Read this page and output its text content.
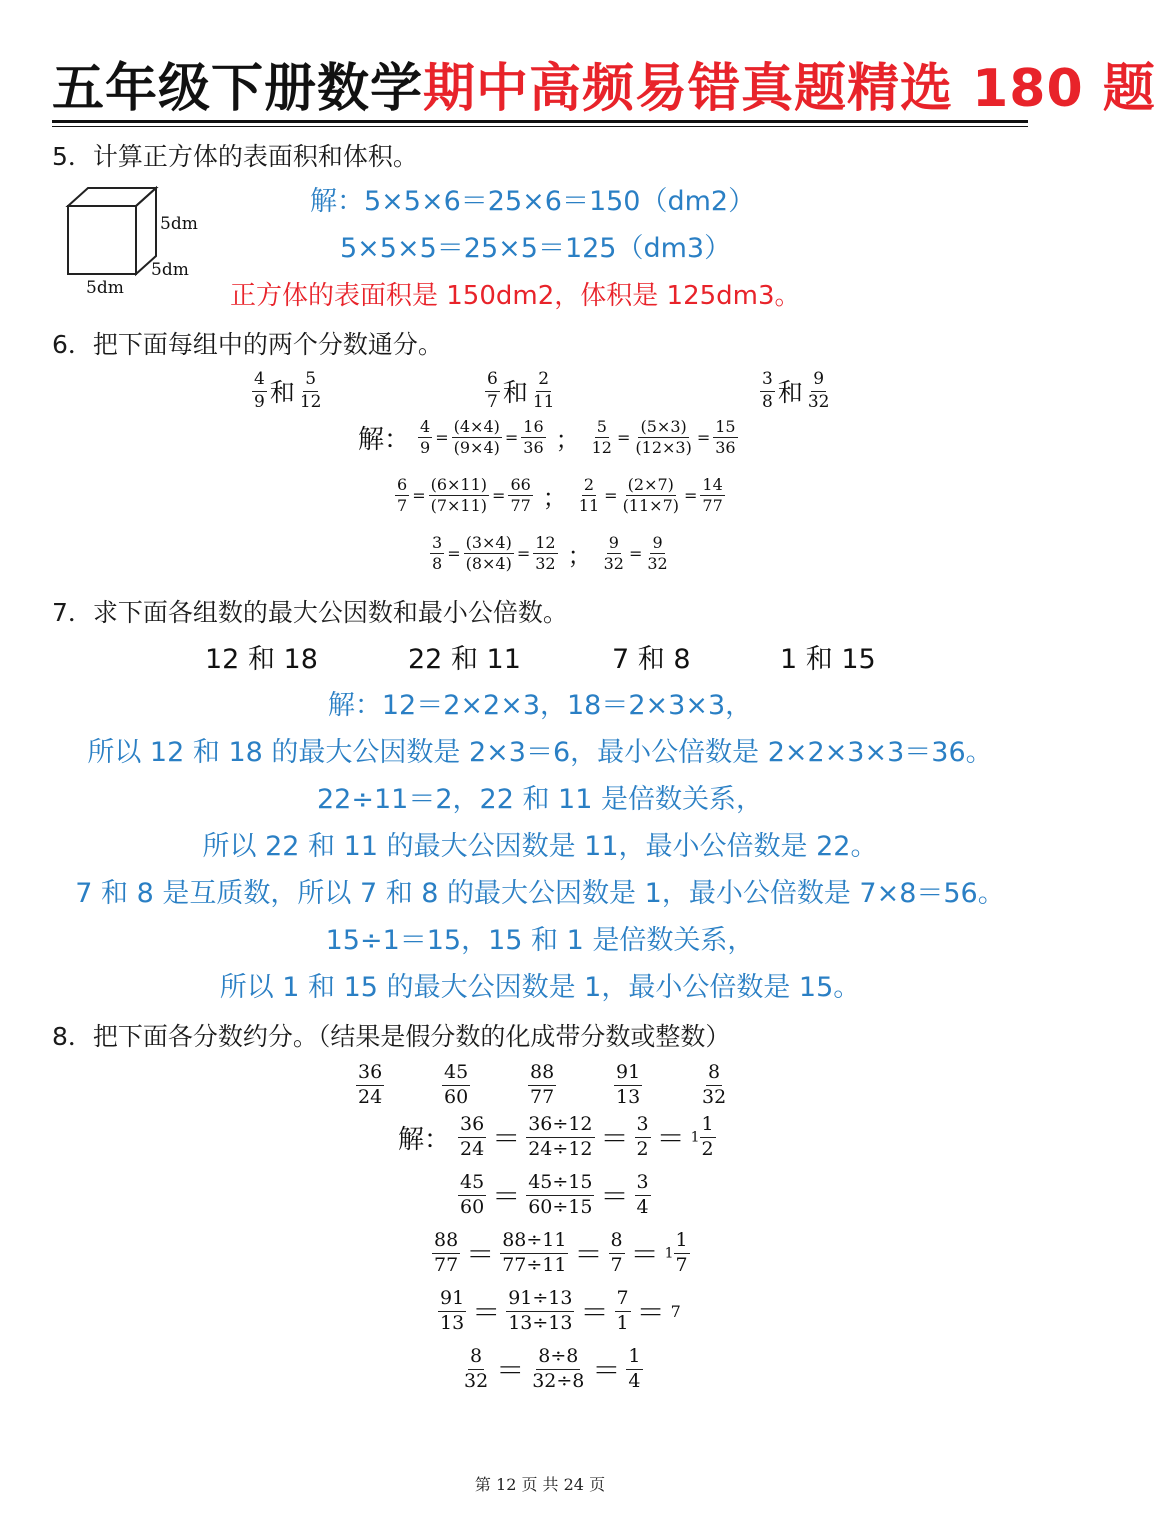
五年级下册数学期中高频易错真题精选 180 题
5．计算正方体的表面积和体积。
5dm
5dm
5dm
解：5×5×6＝25×6＝150（dm2）
5×5×5＝25×5＝125（dm3）
正方体的表面积是 150dm2，体积是 125dm3。
6．把下面每组中的两个分数通分。
$\frac{4}{9}$ 和 $\frac{5}{12}$	$\frac{6}{7}$ 和 $\frac{2}{11}$	$\frac{3}{8}$ 和 $\frac{9}{32}$
解： $\frac{4}{9} = \frac{(4\times 4)}{(9\times 4)} = \frac{16}{36}$ ； $\frac{5}{12} = \frac{(5\times 3)}{(12\times 3)} = \frac{15}{36}$
$\frac{6}{7} = \frac{(6\times 11)}{(7\times 11)} = \frac{66}{77}$ ； $\frac{2}{11} = \frac{(2\times 7)}{(11\times 7)} = \frac{14}{77}$
$\frac{3}{8} = \frac{(3\times 4)}{(8\times 4)} = \frac{12}{32}$ ； $\frac{9}{32} = \frac{9}{32}$
7．求下面各组数的最大公因数和最小公倍数。
12 和 18	22 和 11	7 和 8	1 和 15
解：12＝2×2×3，18＝2×3×3，
所以 12 和 18 的最大公因数是 2×3＝6，最小公倍数是 2×2×3×3＝36。
22÷11＝2，22 和 11 是倍数关系，
所以 22 和 11 的最大公因数是 11，最小公倍数是 22。
7 和 8 是互质数，所以 7 和 8 的最大公因数是 1，最小公倍数是 7×8＝56。
15÷1＝15，15 和 1 是倍数关系，
所以 1 和 15 的最大公因数是 1，最小公倍数是 15。
8．把下面各分数约分。（结果是假分数的化成带分数或整数）
$\frac{36}{24}$	$\frac{45}{60}$	$\frac{88}{77}$	$\frac{91}{13}$	$\frac{8}{32}$
解： $\frac{36}{24} = \frac{36\div 12}{24\div 12} = \frac{3}{2} = 1 \frac{1}{2}$
$\frac{45}{60} = \frac{45\div 15}{60\div 15} = \frac{3}{4}$
$\frac{88}{77} = \frac{88\div 11}{77\div 11} = \frac{8}{7} = 1 \frac{1}{7}$
$\frac{91}{13} = \frac{91\div 13}{13\div 13} = \frac{7}{1} = 7$
$\frac{8}{32} = \frac{8\div 8}{32\div 8} = \frac{1}{4}$
第 12 页 共 24 页
